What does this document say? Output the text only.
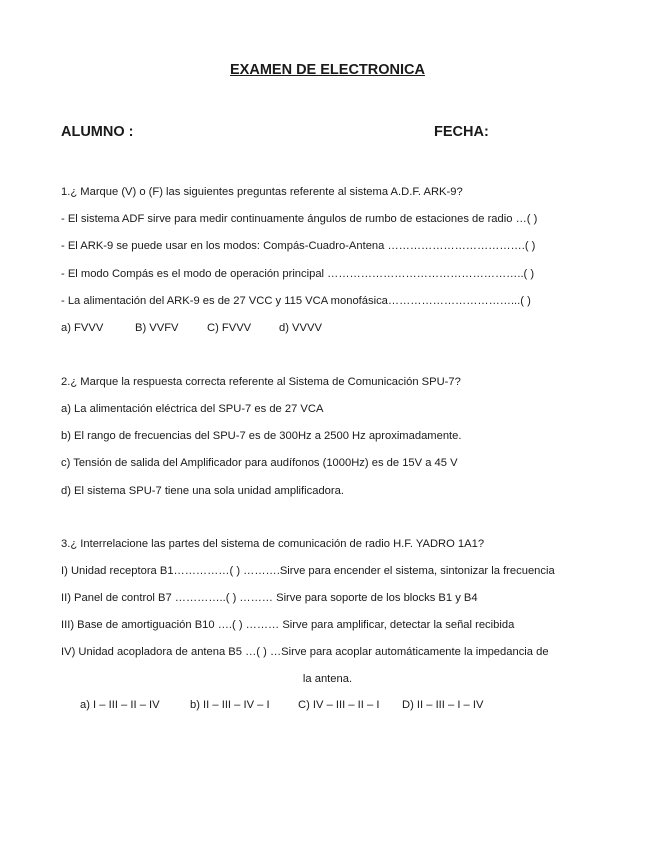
EXAMEN DE ELECTRONICA
ALUMNO :	FECHA:
1.¿ Marque (V) o (F) las siguientes preguntas referente al sistema A.D.F. ARK-9?
- El sistema ADF sirve para medir continuamente ángulos de rumbo de estaciones de radio …( )
- El ARK-9 se puede usar en los modos: Compás-Cuadro-Antena ……………………………….( )
- El modo Compás es el modo de operación principal ……………………………………………..( )
- La alimentación del ARK-9 es de 27 VCC y 115 VCA monofásica……………………………...( )
a) FVVV	B) VVFV	C) FVVV d) VVVV
2.¿ Marque la respuesta correcta referente al Sistema de Comunicación SPU-7?
a) La alimentación eléctrica del SPU-7 es de 27 VCA
b) El rango de frecuencias del SPU-7 es de 300Hz a 2500 Hz aproximadamente.
c) Tensión de salida del Amplificador para audífonos (1000Hz) es de 15V a 45 V
d) El sistema SPU-7 tiene una sola unidad amplificadora.
3.¿ Interrelacione las partes del sistema de comunicación de radio H.F. YADRO 1A1?
I) Unidad receptora B1……………( ) ……….Sirve para encender el sistema, sintonizar la frecuencia
II) Panel de control B7 …………..( ) ……… Sirve para soporte de los blocks B1 y B4
III) Base de amortiguación B10 ….( ) ……… Sirve para amplificar, detectar la señal recibida
IV) Unidad acopladora de antena B5 …( ) …Sirve para acoplar automáticamente la impedancia de
la antena.
a) I – III – II – IV	b) II – III – IV – I	C) IV – III – II – I D) II – III – I – IV
